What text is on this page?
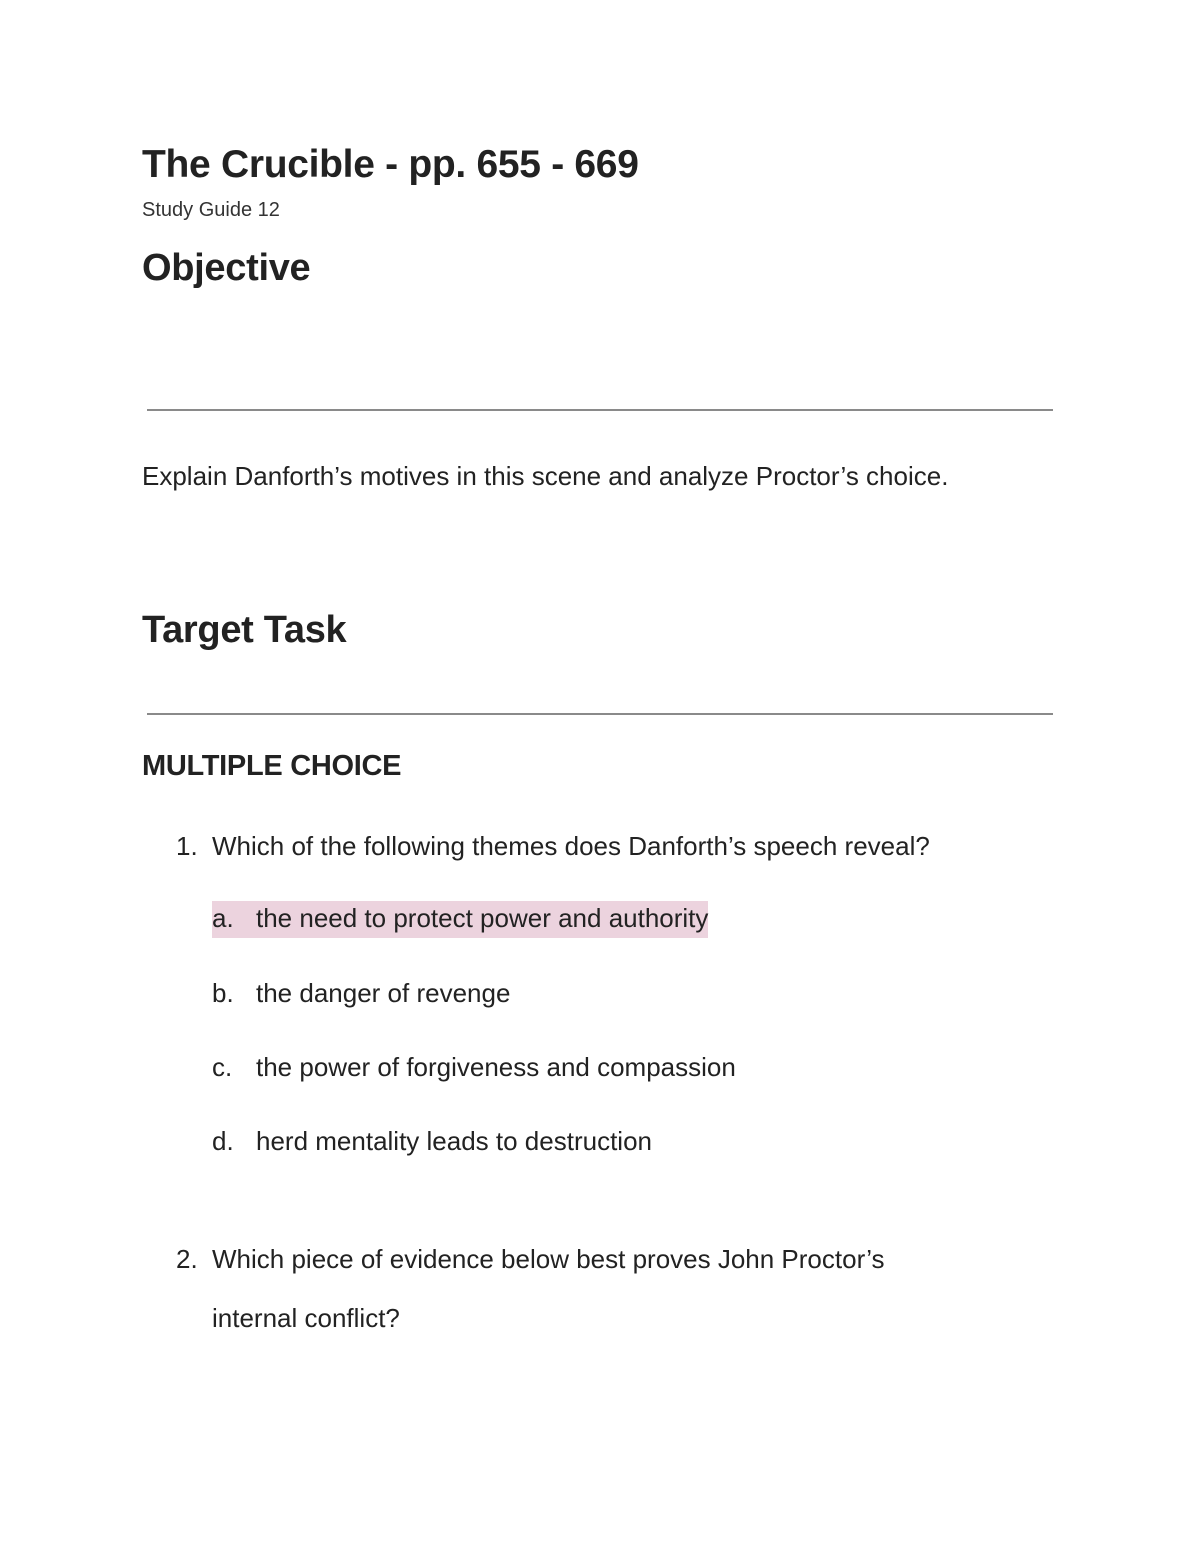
The Crucible - pp. 655 - 669
Study Guide 12
Objective

Explain Danforth’s motives in this scene and analyze Proctor’s choice.

Target Task
MULTIPLE CHOICE
1. Which of the following themes does Danforth’s speech reveal?
a. the need to protect power and authority
b. the danger of revenge
c. the power of forgiveness and compassion
d. herd mentality leads to destruction
2. Which piece of evidence below best proves John Proctor’s
internal conflict?
